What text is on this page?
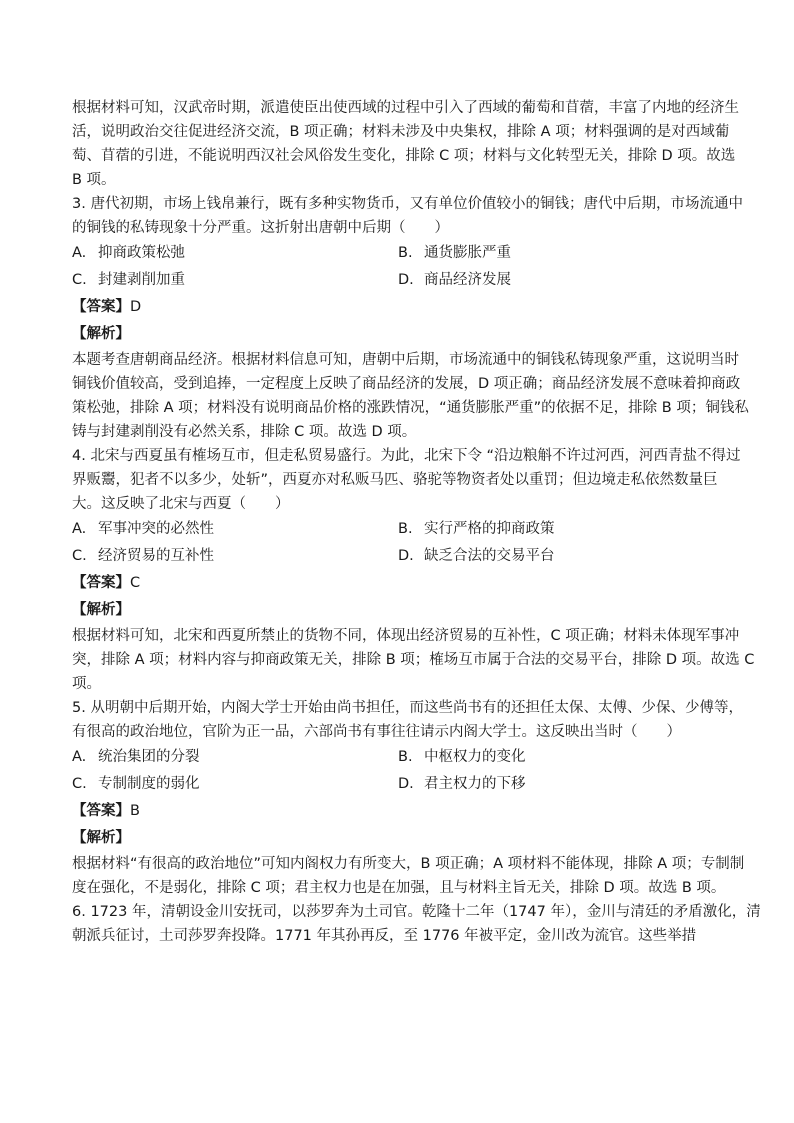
根据材料可知，汉武帝时期，派遣使臣出使西域的过程中引入了西域的葡萄和苜蓿，丰富了内地的经济生
活，说明政治交往促进经济交流，B 项正确；材料未涉及中央集权，排除 A 项；材料强调的是对西域葡
萄、苜蓿的引进，不能说明西汉社会风俗发生变化，排除 C 项；材料与文化转型无关，排除 D 项。故选
B 项。
3. 唐代初期，市场上钱帛兼行，既有多种实物货币，又有单位价值较小的铜钱；唐代中后期，市场流通中
的铜钱的私铸现象十分严重。这折射出唐朝中后期（　　）
A. 抑商政策松弛	B. 通货膨胀严重
C. 封建剥削加重	D. 商品经济发展
【答案】D
【解析】
本题考查唐朝商品经济。根据材料信息可知，唐朝中后期，市场流通中的铜钱私铸现象严重，这说明当时
铜钱价值较高，受到追捧，一定程度上反映了商品经济的发展，D 项正确；商品经济发展不意味着抑商政
策松弛，排除 A 项；材料没有说明商品价格的涨跌情况，“通货膨胀严重”的依据不足，排除 B 项；铜钱私
铸与封建剥削没有必然关系，排除 C 项。故选 D 项。
4. 北宋与西夏虽有榷场互市，但走私贸易盛行。为此，北宋下令 “沿边粮斛不许过河西，河西青盐不得过
界贩鬻，犯者不以多少，处斩”，西夏亦对私贩马匹、骆驼等物资者处以重罚；但边境走私依然数量巨
大。这反映了北宋与西夏（　　）
A. 军事冲突的必然性	B. 实行严格的抑商政策
C. 经济贸易的互补性	D. 缺乏合法的交易平台
【答案】C
【解析】
根据材料可知，北宋和西夏所禁止的货物不同，体现出经济贸易的互补性，C 项正确；材料未体现军事冲
突，排除 A 项；材料内容与抑商政策无关，排除 B 项；榷场互市属于合法的交易平台，排除 D 项。故选 C
项。
5. 从明朝中后期开始，内阁大学士开始由尚书担任，而这些尚书有的还担任太保、太傅、少保、少傅等，
有很高的政治地位，官阶为正一品，六部尚书有事往往请示内阁大学士。这反映出当时（　　）
A. 统治集团的分裂	B. 中枢权力的变化
C. 专制制度的弱化	D. 君主权力的下移
【答案】B
【解析】
根据材料“有很高的政治地位”可知内阁权力有所变大，B 项正确；A 项材料不能体现，排除 A 项；专制制
度在强化，不是弱化，排除 C 项；君主权力也是在加强，且与材料主旨无关，排除 D 项。故选 B 项。
6. 1723 年，清朝设金川安抚司，以莎罗奔为土司官。乾隆十二年（1747 年），金川与清廷的矛盾激化，清
朝派兵征讨，土司莎罗奔投降。1771 年其孙再反，至 1776 年被平定，金川改为流官。这些举措
